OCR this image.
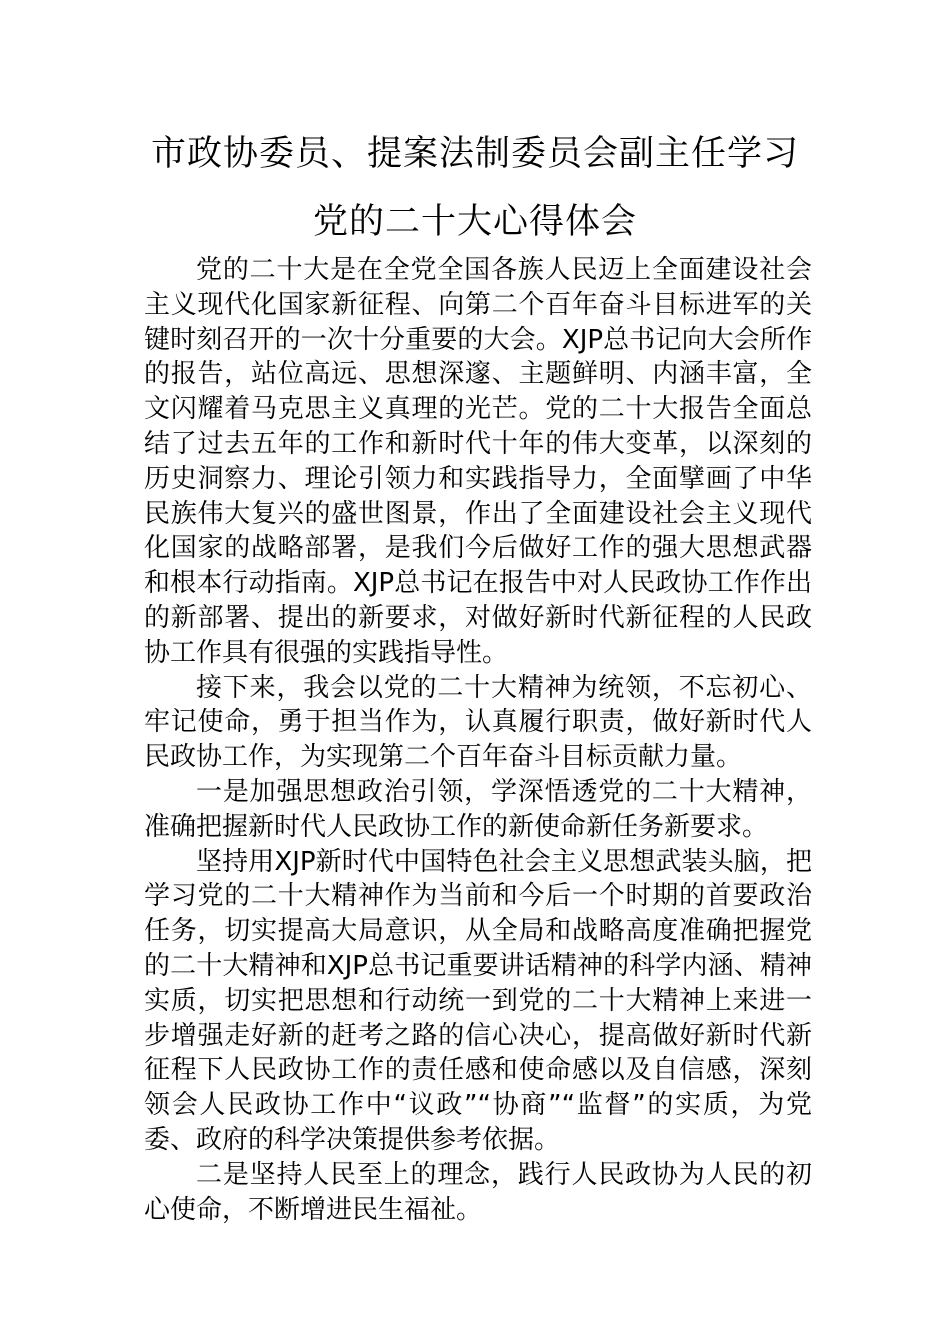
市政协委员、提案法制委员会副主任学习
党的二十大心得体会

党的二十大是在全党全国各族人民迈上全面建设社会主义现代化国家新征程、向第二个百年奋斗目标进军的关键时刻召开的一次十分重要的大会。XJP总书记向大会所作的报告，站位高远、思想深邃、主题鲜明、内涵丰富，全文闪耀着马克思主义真理的光芒。党的二十大报告全面总结了过去五年的工作和新时代十年的伟大变革，以深刻的历史洞察力、理论引领力和实践指导力，全面擘画了中华民族伟大复兴的盛世图景，作出了全面建设社会主义现代化国家的战略部署，是我们今后做好工作的强大思想武器和根本行动指南。XJP总书记在报告中对人民政协工作作出的新部署、提出的新要求，对做好新时代新征程的人民政协工作具有很强的实践指导性。

接下来，我会以党的二十大精神为统领，不忘初心、牢记使命，勇于担当作为，认真履行职责，做好新时代人民政协工作，为实现第二个百年奋斗目标贡献力量。

一是加强思想政治引领，学深悟透党的二十大精神，准确把握新时代人民政协工作的新使命新任务新要求。

坚持用XJP新时代中国特色社会主义思想武装头脑，把学习党的二十大精神作为当前和今后一个时期的首要政治任务，切实提高大局意识，从全局和战略高度准确把握党的二十大精神和XJP总书记重要讲话精神的科学内涵、精神实质，切实把思想和行动统一到党的二十大精神上来进一步增强走好新的赶考之路的信心决心，提高做好新时代新征程下人民政协工作的责任感和使命感以及自信感，深刻领会人民政协工作中“议政”“协商”“监督”的实质，为党委、政府的科学决策提供参考依据。

二是坚持人民至上的理念，践行人民政协为人民的初心使命，不断增进民生福祉。
